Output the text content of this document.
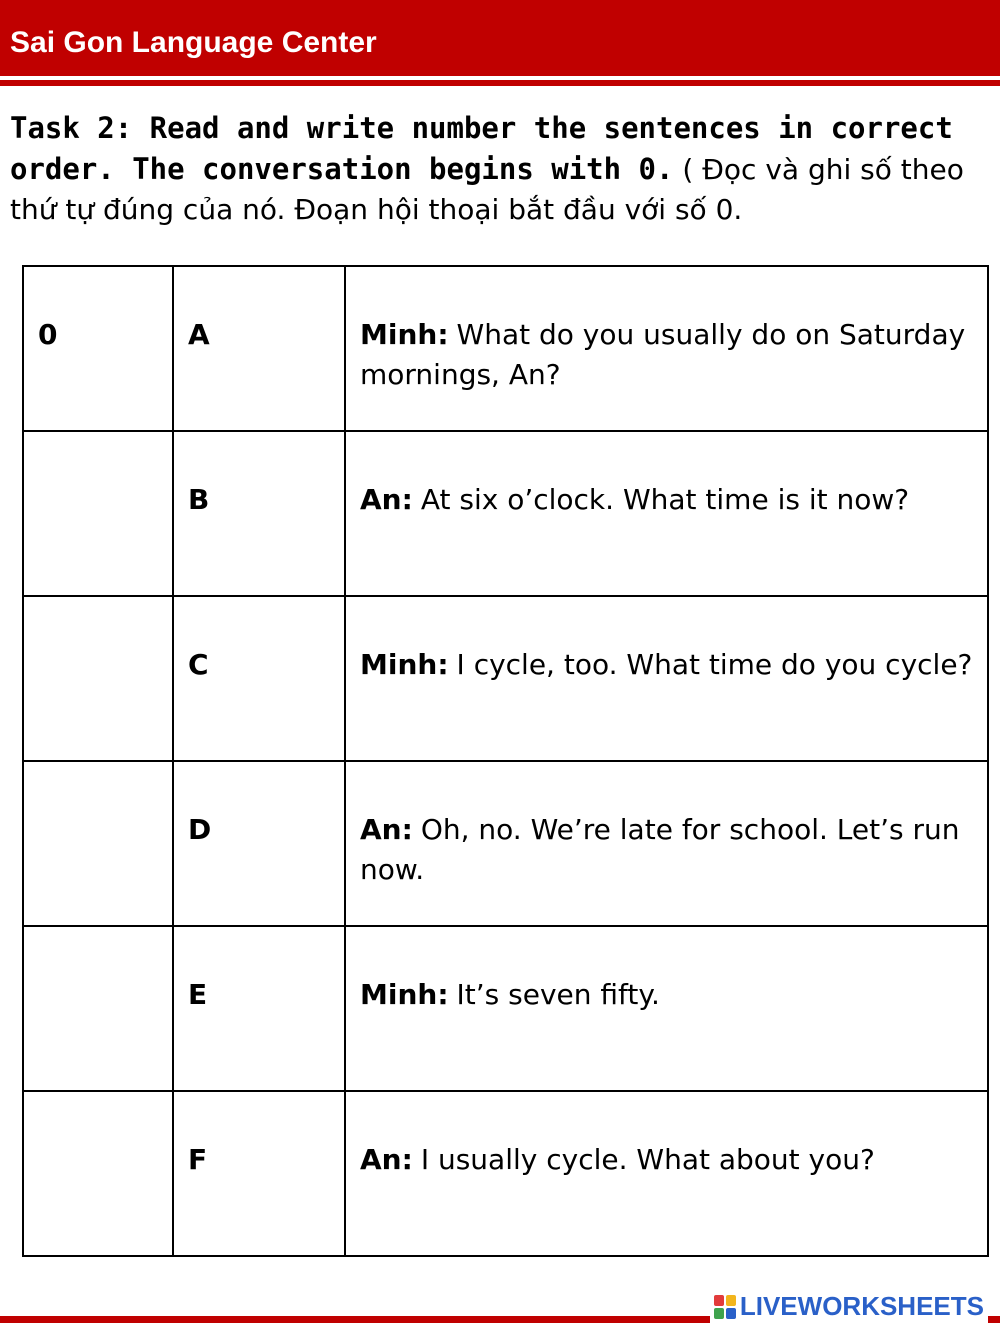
Sai Gon Language Center
Task 2: Read and write number the sentences in correct order. The conversation begins with 0. ( Đọc và ghi số theo thứ tự đúng của nó. Đoạn hội thoại bắt đầu với số 0.
0	A	Minh: What do you usually do on Saturday mornings, An?

	B	An: At six o’clock. What time is it now?

	C	Minh: I cycle, too. What time do you cycle?

	D	An: Oh, no. We’re late for school. Let’s run now.

	E	Minh: It’s seven fifty.

	F	An: I usually cycle. What about you?
LIVEWORKSHEETS
